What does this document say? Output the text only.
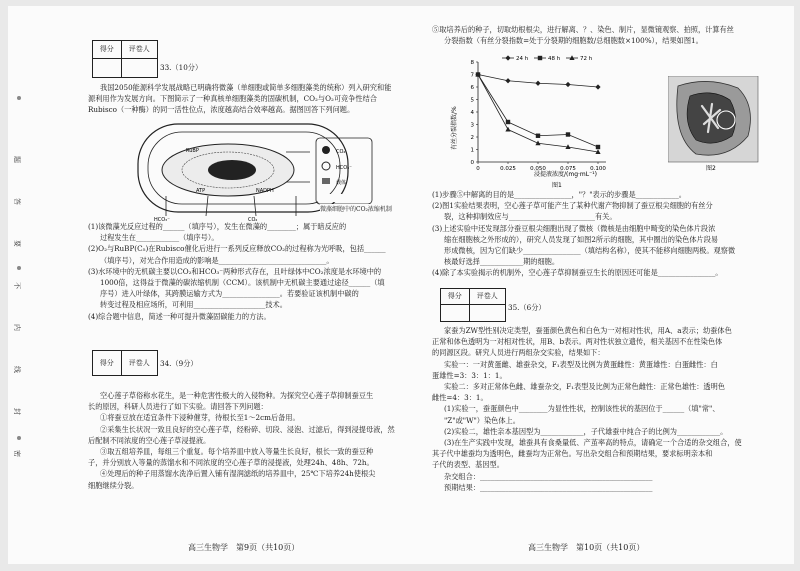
题
答
要
不
内
线
封
密
得分	评卷人
33.（10分）
我国2050能源科学发展战略已明确将微藻（单细胞或简单多细胞藻类的统称）列入研究和能
源利用作为发展方向。下图简示了一种真核单细胞藻类的固碳机制，CO₂与O₂可竞争性结合
Rubisco（一种酶）的同一活性位点，浓度越高结合效率越高。据图回答下列问题。
CO₂
HCO₃⁻
载体
RuBP
ATP	NADPH
HCO₃⁻	CO₂
微藻细胞中的CO₂浓缩机制
(1)该微藻光反应过程的______（填序号），发生在微藻的________；属于暗反应的
过程发生在____________（填序号）。
(2)O₂与RuBP(C₅)在Rubisco催化后进行一系列反应释放CO₂的过程称为光呼吸，包括______
（填序号），对光合作用造成的影响是______________________________。
(3)水环境中的无机碳主要以CO₂和HCO₃⁻两种形式存在，且叶绿体中CO₂浓度是水环境中的
1000倍，这得益于微藻的碳浓缩机制（CCM）。该机制中无机碳主要通过途径______（填
序号）进入叶绿体，其跨膜运输方式为________________。若要验证该机制中碳的
转变过程及相应场所，可利用____________________技术。
(4)综合题中信息，简述一种可提升微藻固碳能力的方法。
得分	评卷人	34.（9分）
空心莲子草俗称水花生，是一种危害性极大的入侵物种。为探究空心莲子草抑制蚕豆生
长的原因，科研人员进行了如下实验。请回答下列问题：
①将蚕豆放在适宜条件下浸种催芽，待根长至1～2cm后备用。
②采集生长状况一致且良好的空心莲子草，经粉碎、切段、浸泡、过滤后，得到浸提母液，然
后配制不同浓度的空心莲子草浸提液。
③取五组培养皿，每组三个重复。每个培养皿中放入等量生长良好，根长一致的蚕豆种
子，并分别放入等量的蒸馏水和不同浓度的空心莲子草的浸提液，处理24h、48h、72h。
④处理后的种子用蒸馏水洗净后置入铺有湿润滤纸的培养皿中，25℃下培养24h使根尖
细胞继续分裂。
高三生物学　第9页（共10页）
⑤取培养后的种子，切取幼根根尖，进行解离、？、染色、制片，显微镜观察、拍照，计算有丝
分裂指数（有丝分裂指数=处于分裂期的细胞数/总细胞数×100%），结果如图1。
0
1
2
3
4
5
6
7
8
0	0.025	0.050	0.075	0.100
24 h	48 h	72 h
有丝分裂指数/%
浸提液浓度/(mg·mL⁻¹)
图1
图2
(1)步骤⑤中解离的目的是________________，"？"表示的步骤是____________。
(2)图1实验结果表明，空心莲子草可能产生了某种代谢产物抑制了蚕豆根尖细胞的有丝分
裂，这种抑制效应与________________________有关。
(3)上述实验中还发现部分蚕豆根尖细胞出现了微核（微核是由细胞中畸变的染色体片段浓
缩在细胞核之外形成的），研究人员发现了如图2所示的细胞，其中圈出的染色体片段易
形成微核，因为它们缺少________________（填结构名称），使其不能移向细胞两极。观察微
核最好选择____________期的细胞。
(4)除了本实验揭示的机制外，空心莲子草抑制蚕豆生长的原因还可能是________________。
得分	评卷人
35.（6分）
家蚕为ZW型性别决定类型，蚕蛋颜色黄色和白色为一对相对性状，用A、a表示；幼蚕体色
正常和体色透明为一对相对性状，用B、b表示。两对性状独立遗传，相关基因不在性染色体
的同源区段。研究人员进行两组杂交实验，结果如下：
实验一：一对黄蛋雌、雄蚕杂交，F₁表型及比例为黄蛋雌性：黄蛋雄性：白蛋雌性：白
蛋雄性=3：3：1：1。
实验二：多对正常体色雌、雄蚕杂交，F₁表型及比例为正常色雌性：正常色雄性：透明色
雌性=4：3：1。
(1)实验一，蚕蛋颜色中________为显性性状，控制该性状的基因位于______（填"常"、
"Z"或"W"）染色体上。
(2)实验二，雄性亲本基因型为____________，子代雄蚕中纯合子的比例为____________。
(3)在生产实践中发现，雄蚕具有食桑量低、产茧率高的特点，请确定一个合适的杂交组合，使
其子代中雄蚕均为透明色，雌蚕均为正常色。写出杂交组合和预期结果，要求标明亲本和
子代的表型、基因型。
杂交组合：________________________________________________
预期结果：________________________________________________
高三生物学　第10页（共10页）
